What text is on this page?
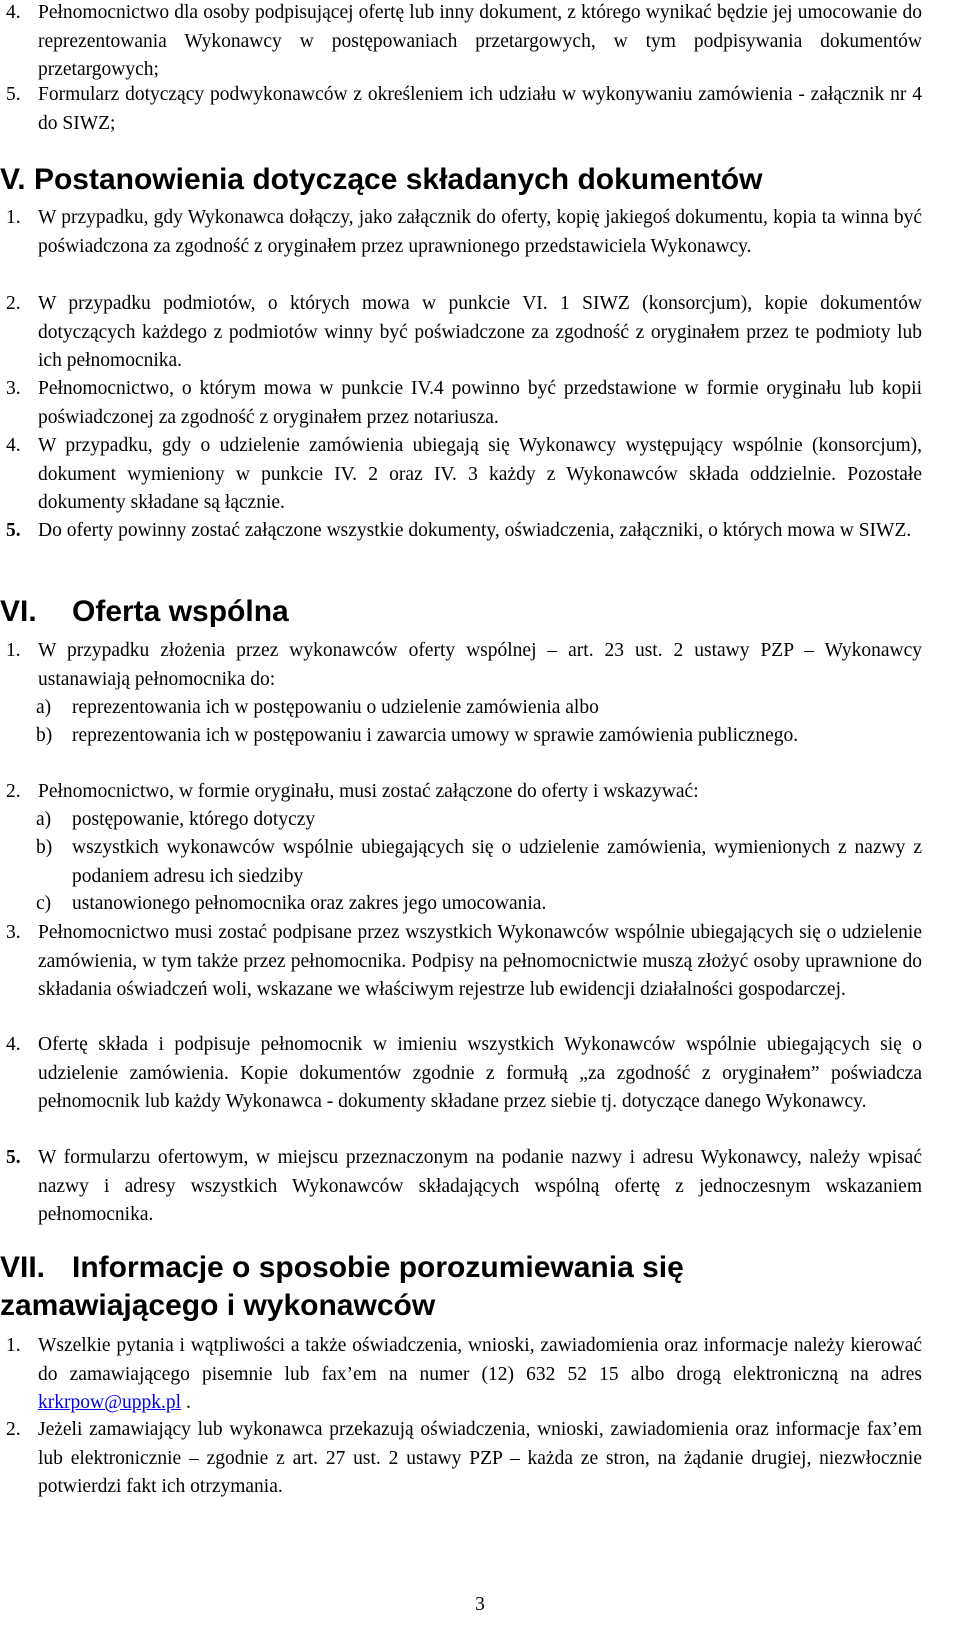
4. Pełnomocnictwo dla osoby podpisującej ofertę lub inny dokument, z którego wynikać będzie jej umocowanie do reprezentowania Wykonawcy w postępowaniach przetargowych, w tym podpisywania dokumentów przetargowych;
5. Formularz dotyczący podwykonawców z określeniem ich udziału w wykonywaniu zamówienia - załącznik nr 4 do SIWZ;
V. Postanowienia dotyczące składanych dokumentów
1. W przypadku, gdy Wykonawca dołączy, jako załącznik do oferty, kopię jakiegoś dokumentu, kopia ta winna być poświadczona za zgodność z oryginałem przez uprawnionego przedstawiciela Wykonawcy.
2. W przypadku podmiotów, o których mowa w punkcie VI. 1 SIWZ (konsorcjum), kopie dokumentów dotyczących każdego z podmiotów winny być poświadczone za zgodność z oryginałem przez te podmioty lub ich pełnomocnika.
3. Pełnomocnictwo, o którym mowa w punkcie IV.4 powinno być przedstawione w formie oryginału lub kopii poświadczonej za zgodność z oryginałem przez notariusza.
4. W przypadku, gdy o udzielenie zamówienia ubiegają się Wykonawcy występujący wspólnie (konsorcjum), dokument wymieniony w punkcie IV. 2 oraz IV. 3 każdy z Wykonawców składa oddzielnie. Pozostałe dokumenty składane są łącznie.
5. Do oferty powinny zostać załączone wszystkie dokumenty, oświadczenia, załączniki, o których mowa w SIWZ.
VI. Oferta wspólna
1. W przypadku złożenia przez wykonawców oferty wspólnej – art. 23 ust. 2 ustawy PZP – Wykonawcy ustanawiają pełnomocnika do:
a) reprezentowania ich w postępowaniu o udzielenie zamówienia albo
b) reprezentowania ich w postępowaniu i zawarcia umowy w sprawie zamówienia publicznego.
2. Pełnomocnictwo, w formie oryginału, musi zostać załączone do oferty i wskazywać:
a) postępowanie, którego dotyczy
b) wszystkich wykonawców wspólnie ubiegających się o udzielenie zamówienia, wymienionych z nazwy z podaniem adresu ich siedziby
c) ustanowionego pełnomocnika oraz zakres jego umocowania.
3. Pełnomocnictwo musi zostać podpisane przez wszystkich Wykonawców wspólnie ubiegających się o udzielenie zamówienia, w tym także przez pełnomocnika. Podpisy na pełnomocnictwie muszą złożyć osoby uprawnione do składania oświadczeń woli, wskazane we właściwym rejestrze lub ewidencji działalności gospodarczej.
4. Ofertę składa i podpisuje pełnomocnik w imieniu wszystkich Wykonawców wspólnie ubiegających się o udzielenie zamówienia. Kopie dokumentów zgodnie z formułą „za zgodność z oryginałem” poświadcza pełnomocnik lub każdy Wykonawca - dokumenty składane przez siebie tj. dotyczące danego Wykonawcy.
5. W formularzu ofertowym, w miejscu przeznaczonym na podanie nazwy i adresu Wykonawcy, należy wpisać nazwy i adresy wszystkich Wykonawców składających wspólną ofertę z jednoczesnym wskazaniem pełnomocnika.
VII. Informacje o sposobie porozumiewania się
zamawiającego i wykonawców
1. Wszelkie pytania i wątpliwości a także oświadczenia, wnioski, zawiadomienia oraz informacje należy kierować do zamawiającego pisemnie lub fax’em na numer (12) 632 52 15 albo drogą elektroniczną na adres krkrpow@uppk.pl .
2. Jeżeli zamawiający lub wykonawca przekazują oświadczenia, wnioski, zawiadomienia oraz informacje fax’em lub elektronicznie – zgodnie z art. 27 ust. 2 ustawy PZP – każda ze stron, na żądanie drugiej, niezwłocznie potwierdzi fakt ich otrzymania.
3
